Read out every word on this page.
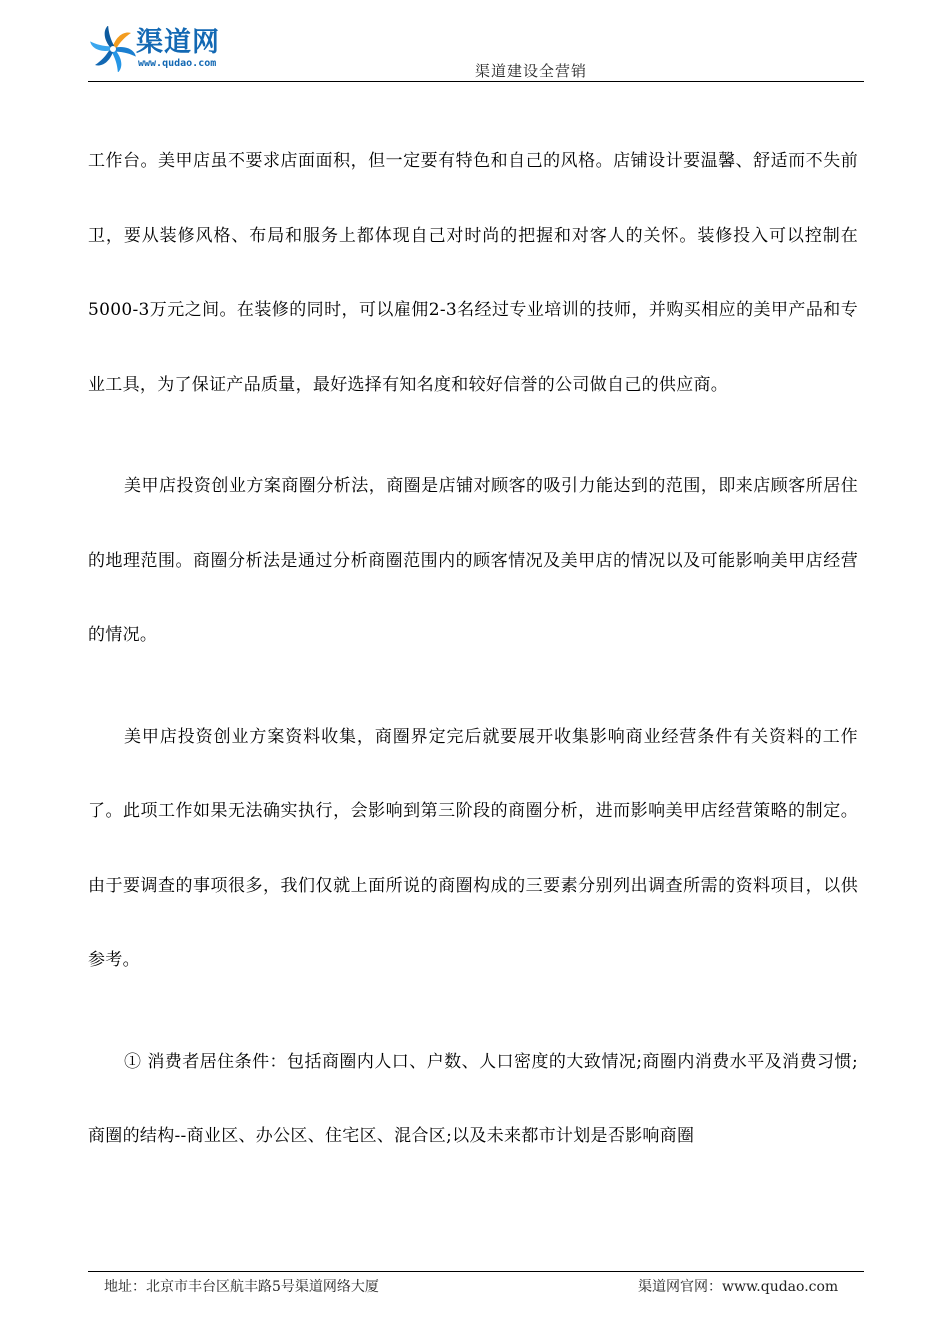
渠道网
www.qudao.com	渠道建设全营销

工作台。美甲店虽不要求店面面积，但一定要有特色和自己的风格。店铺设计要温馨、舒适而不失前卫，要从装修风格、布局和服务上都体现自己对时尚的把握和对客人的关怀。装修投入可以控制在5000-3万元之间。在装修的同时，可以雇佣2-3名经过专业培训的技师，并购买相应的美甲产品和专业工具，为了保证产品质量，最好选择有知名度和较好信誉的公司做自己的供应商。

美甲店投资创业方案商圈分析法，商圈是店铺对顾客的吸引力能达到的范围，即来店顾客所居住的地理范围。商圈分析法是通过分析商圈范围内的顾客情况及美甲店的情况以及可能影响美甲店经营的情况。

美甲店投资创业方案资料收集，商圈界定完后就要展开收集影响商业经营条件有关资料的工作了。此项工作如果无法确实执行，会影响到第三阶段的商圈分析，进而影响美甲店经营策略的制定。由于要调查的事项很多，我们仅就上面所说的商圈构成的三要素分别列出调查所需的资料项目，以供参考。

① 消费者居住条件：包括商圈内人口、户数、人口密度的大致情况;商圈内消费水平及消费习惯;商圈的结构--商业区、办公区、住宅区、混合区;以及未来都市计划是否影响商圈

地址：北京市丰台区航丰路5号渠道网络大厦	渠道网官网：www.qudao.com
